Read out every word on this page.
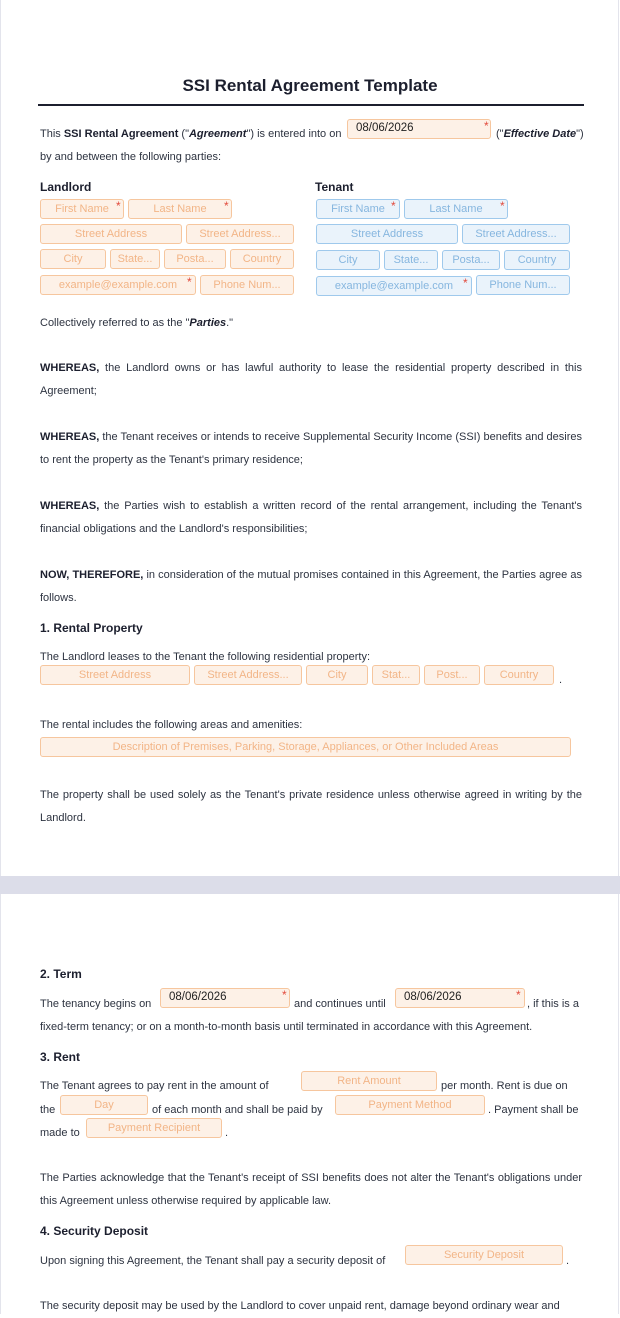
SSI Rental Agreement Template
This SSI Rental Agreement ("Agreement") is entered into on	08/06/2026	*
("Effective Date")
by and between the following parties:
Landlord
First Name *	Last Name	*
Street Address	Street Address...
City	State...	Posta...	Country
example@example.com *	Phone Num...
Tenant
First Name *	Last Name	*
Street Address	Street Address...
City	State...	Posta...	Country
example@example.com *	Phone Num...
Collectively referred to as the "Parties."
WHEREAS, the Landlord owns or has lawful authority to lease the residential property described in this Agreement;
WHEREAS, the Tenant receives or intends to receive Supplemental Security Income (SSI) benefits and desires to rent the property as the Tenant's primary residence;
WHEREAS, the Parties wish to establish a written record of the rental arrangement, including the Tenant's financial obligations and the Landlord's responsibilities;
NOW, THEREFORE, in consideration of the mutual promises contained in this Agreement, the Parties agree as follows.
1. Rental Property
The Landlord leases to the Tenant the following residential property:
Street Address	Street Address...	City	Stat...	Post...	Country	.
The rental includes the following areas and amenities:
Description of Premises, Parking, Storage, Appliances, or Other Included Areas
The property shall be used solely as the Tenant's private residence unless otherwise agreed in writing by the Landlord.
2. Term
The tenancy begins on
08/06/2026	*
and continues until
08/06/2026	*
, if this is a
fixed-term tenancy; or on a month-to-month basis until terminated in accordance with this Agreement.
3. Rent
The Tenant agrees to pay rent in the amount of	Rent Amount	per month. Rent is due on
the	Day	of each month and shall be paid by	Payment Method	. Payment shall be
made to	Payment Recipient	.
The Parties acknowledge that the Tenant's receipt of SSI benefits does not alter the Tenant's obligations under this Agreement unless otherwise required by applicable law.
4. Security Deposit
Upon signing this Agreement, the Tenant shall pay a security deposit of	Security Deposit	.
The security deposit may be used by the Landlord to cover unpaid rent, damage beyond ordinary wear and
